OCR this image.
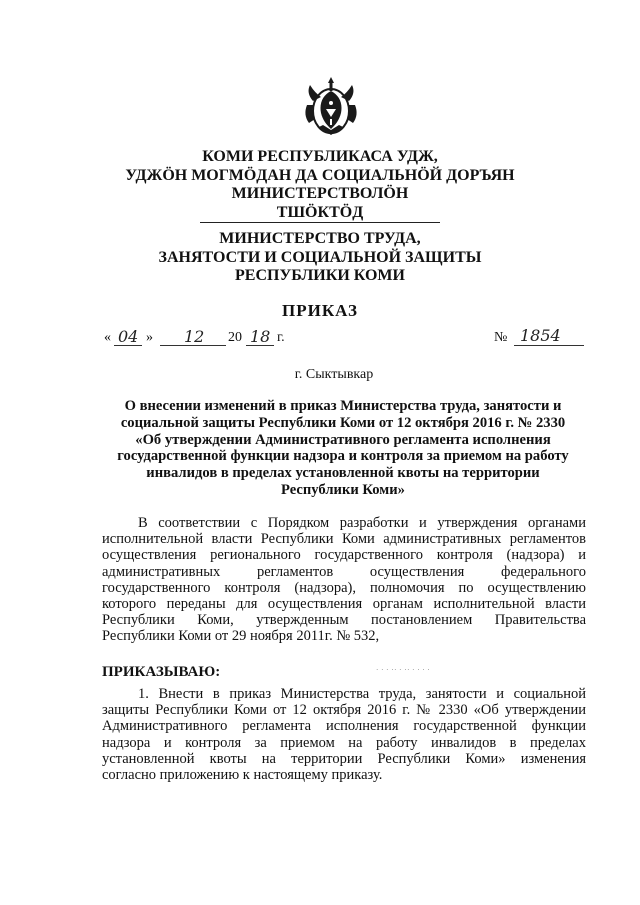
КОМИ РЕСПУБЛИКАСА УДЖ,
УДЖӦН МОГМӦДАН ДА СОЦИАЛЬНӦЙ ДОРЪЯН
МИНИСТЕРСТВОЛӦН
ТШӦКТӦД
МИНИСТЕРСТВО ТРУДА,
ЗАНЯТОСТИ И СОЦИАЛЬНОЙ ЗАЩИТЫ
РЕСПУБЛИКИ КОМИ
ПРИКАЗ
« 04 » 12 20 18 г.	№ 1854
г. Сыктывкар
О внесении изменений в приказ Министерства труда, занятости и
социальной защиты Республики Коми от 12 октября 2016 г. № 2330
«Об утверждении Административного регламента исполнения
государственной функции надзора и контроля за приемом на работу
инвалидов в пределах установленной квоты на территории
Республики Коми»
В соответствии с Порядком разработки и утверждения органами
исполнительной власти Республики Коми административных регламентов
осуществления регионального государственного контроля (надзора) и
административных регламентов осуществления федерального
государственного контроля (надзора), полномочия по осуществлению
которого переданы для осуществления органам исполнительной власти
Республики Коми, утвержденным постановлением Правительства
Республики Коми от 29 ноября 2011г. № 532,
ПРИКАЗЫВАЮ:	· · · ·· · ·· · · · ·
1. Внести в приказ Министерства труда, занятости и социальной
защиты Республики Коми от 12 октября 2016 г. № 2330 «Об утверждении
Административного регламента исполнения государственной функции
надзора и контроля за приемом на работу инвалидов в пределах
установленной квоты на территории Республики Коми» изменения
согласно приложению к настоящему приказу.
